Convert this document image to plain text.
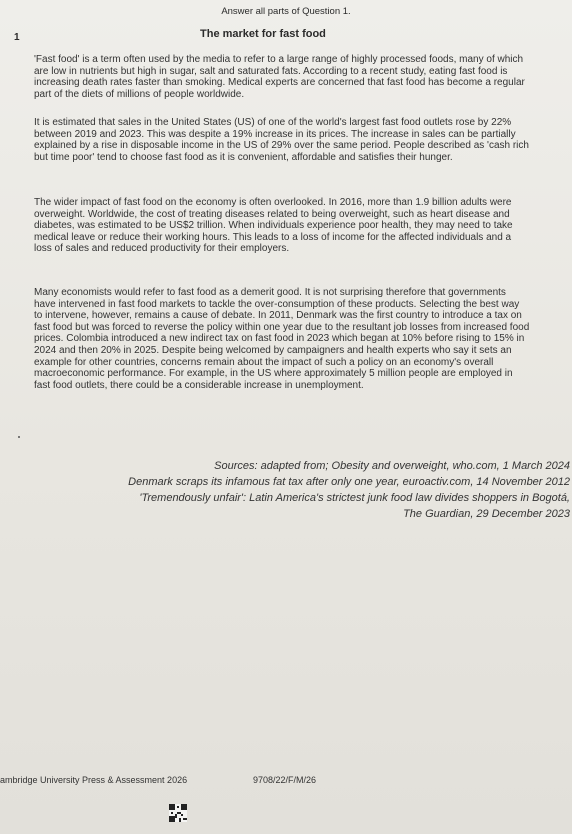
Answer all parts of Question 1.
1	The market for fast food
'Fast food' is a term often used by the media to refer to a large range of highly processed foods, many of which are low in nutrients but high in sugar, salt and saturated fats. According to a recent study, eating fast food is increasing death rates faster than smoking. Medical experts are concerned that fast food has become a regular part of the diets of millions of people worldwide.
It is estimated that sales in the United States (US) of one of the world's largest fast food outlets rose by 22% between 2019 and 2023. This was despite a 19% increase in its prices. The increase in sales can be partially explained by a rise in disposable income in the US of 29% over the same period. People described as 'cash rich but time poor' tend to choose fast food as it is convenient, affordable and satisfies their hunger.
The wider impact of fast food on the economy is often overlooked. In 2016, more than 1.9 billion adults were overweight. Worldwide, the cost of treating diseases related to being overweight, such as heart disease and diabetes, was estimated to be US$2 trillion. When individuals experience poor health, they may need to take medical leave or reduce their working hours. This leads to a loss of income for the affected individuals and a loss of sales and reduced productivity for their employers.
Many economists would refer to fast food as a demerit good. It is not surprising therefore that governments have intervened in fast food markets to tackle the over-consumption of these products. Selecting the best way to intervene, however, remains a cause of debate. In 2011, Denmark was the first country to introduce a tax on fast food but was forced to reverse the policy within one year due to the resultant job losses from increased food prices. Colombia introduced a new indirect tax on fast food in 2023 which began at 10% before rising to 15% in 2024 and then 20% in 2025. Despite being welcomed by campaigners and health experts who say it sets an example for other countries, concerns remain about the impact of such a policy on an economy's overall macroeconomic performance. For example, in the US where approximately 5 million people are employed in fast food outlets, there could be a considerable increase in unemployment.
Sources: adapted from; Obesity and overweight, who.com, 1 March 2024
Denmark scraps its infamous fat tax after only one year, euroactiv.com, 14 November 2012
'Tremendously unfair': Latin America's strictest junk food law divides shoppers in Bogotá,
The Guardian, 29 December 2023
ambridge University Press & Assessment 2026	9708/22/F/M/26
